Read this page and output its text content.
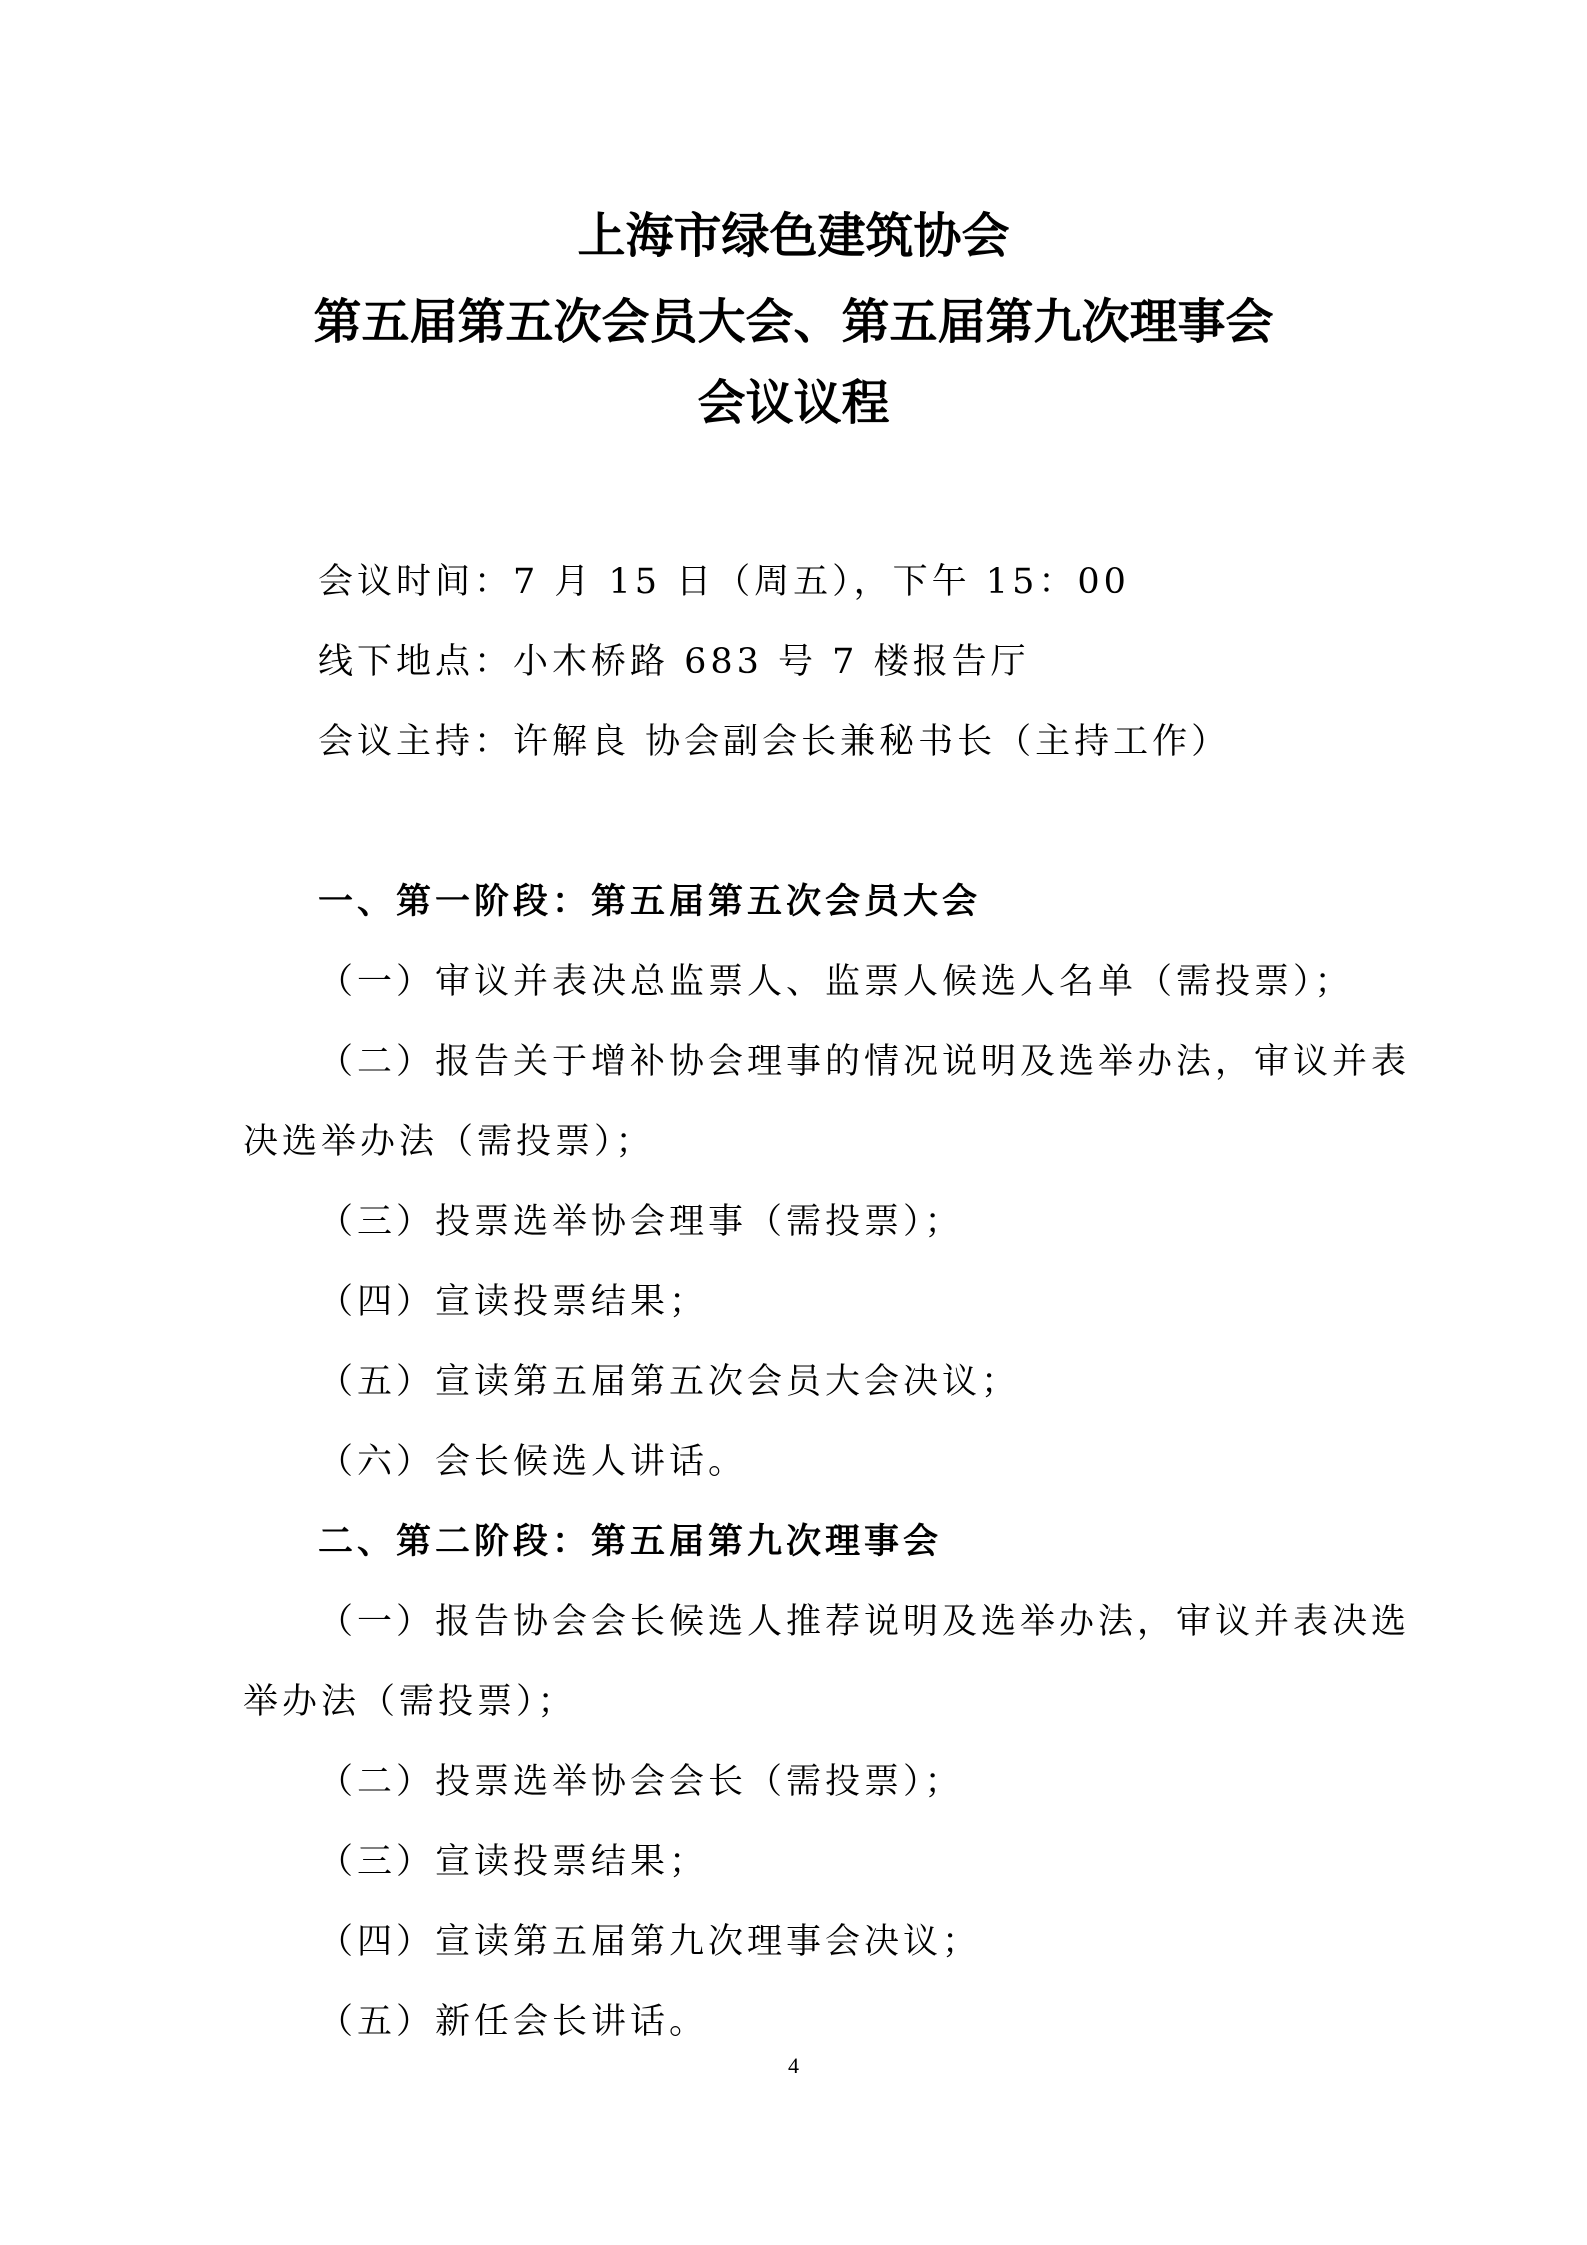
上海市绿色建筑协会
第五届第五次会员大会、第五届第九次理事会
会议议程
会议时间：7 月 15 日（周五），下午 15：00
线下地点：小木桥路 683 号 7 楼报告厅
会议主持：许解良 协会副会长兼秘书长（主持工作）
一、第一阶段：第五届第五次会员大会
（一）审议并表决总监票人、监票人候选人名单（需投票）；
（二）报告关于增补协会理事的情况说明及选举办法，审议并表
决选举办法（需投票）；
（三）投票选举协会理事（需投票）；
（四）宣读投票结果；
（五）宣读第五届第五次会员大会决议；
（六）会长候选人讲话。
二、第二阶段：第五届第九次理事会
（一）报告协会会长候选人推荐说明及选举办法，审议并表决选
举办法（需投票）；
（二）投票选举协会会长（需投票）；
（三）宣读投票结果；
（四）宣读第五届第九次理事会决议；
（五）新任会长讲话。
4
